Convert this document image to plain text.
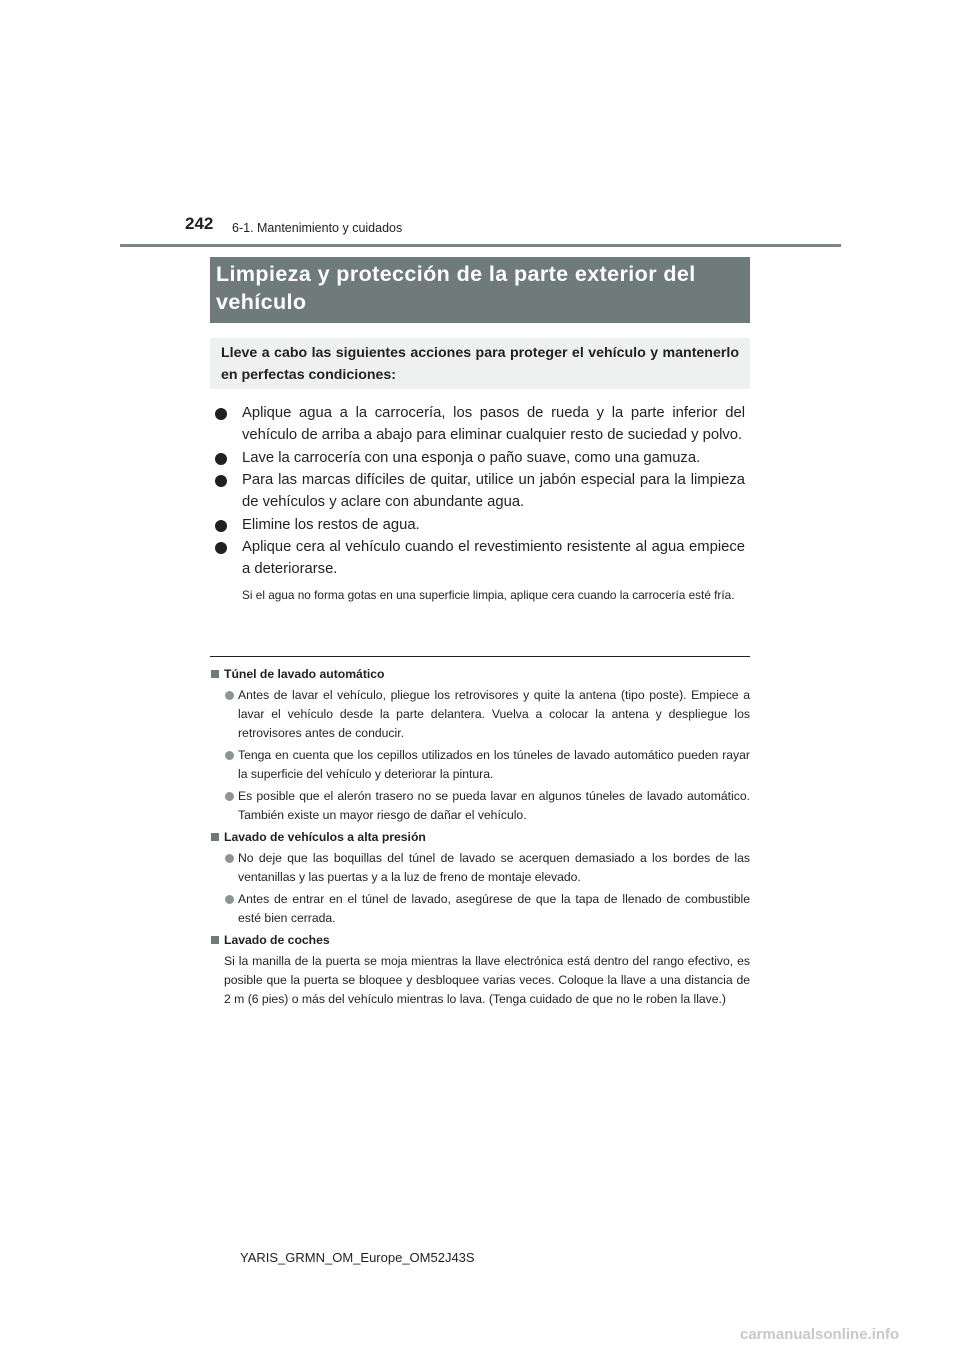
242 6-1. Mantenimiento y cuidados
Limpieza y protección de la parte exterior del vehículo
Lleve a cabo las siguientes acciones para proteger el vehículo y mantenerlo en perfectas condiciones:
Aplique agua a la carrocería, los pasos de rueda y la parte inferior del vehículo de arriba a abajo para eliminar cualquier resto de suciedad y polvo.
Lave la carrocería con una esponja o paño suave, como una gamuza.
Para las marcas difíciles de quitar, utilice un jabón especial para la limpieza de vehículos y aclare con abundante agua.
Elimine los restos de agua.
Aplique cera al vehículo cuando el revestimiento resistente al agua empiece a deteriorarse.
Si el agua no forma gotas en una superficie limpia, aplique cera cuando la carrocería esté fría.
Túnel de lavado automático
Antes de lavar el vehículo, pliegue los retrovisores y quite la antena (tipo poste). Empiece a lavar el vehículo desde la parte delantera. Vuelva a colocar la antena y despliegue los retrovisores antes de conducir.
Tenga en cuenta que los cepillos utilizados en los túneles de lavado automático pueden rayar la superficie del vehículo y deteriorar la pintura.
Es posible que el alerón trasero no se pueda lavar en algunos túneles de lavado automático. También existe un mayor riesgo de dañar el vehículo.
Lavado de vehículos a alta presión
No deje que las boquillas del túnel de lavado se acerquen demasiado a los bordes de las ventanillas y las puertas y a la luz de freno de montaje elevado.
Antes de entrar en el túnel de lavado, asegúrese de que la tapa de llenado de combustible esté bien cerrada.
Lavado de coches
Si la manilla de la puerta se moja mientras la llave electrónica está dentro del rango efectivo, es posible que la puerta se bloquee y desbloquee varias veces. Coloque la llave a una distancia de 2 m (6 pies) o más del vehículo mientras lo lava. (Tenga cuidado de que no le roben la llave.)
YARIS_GRMN_OM_Europe_OM52J43S
carmanualsonline.info
